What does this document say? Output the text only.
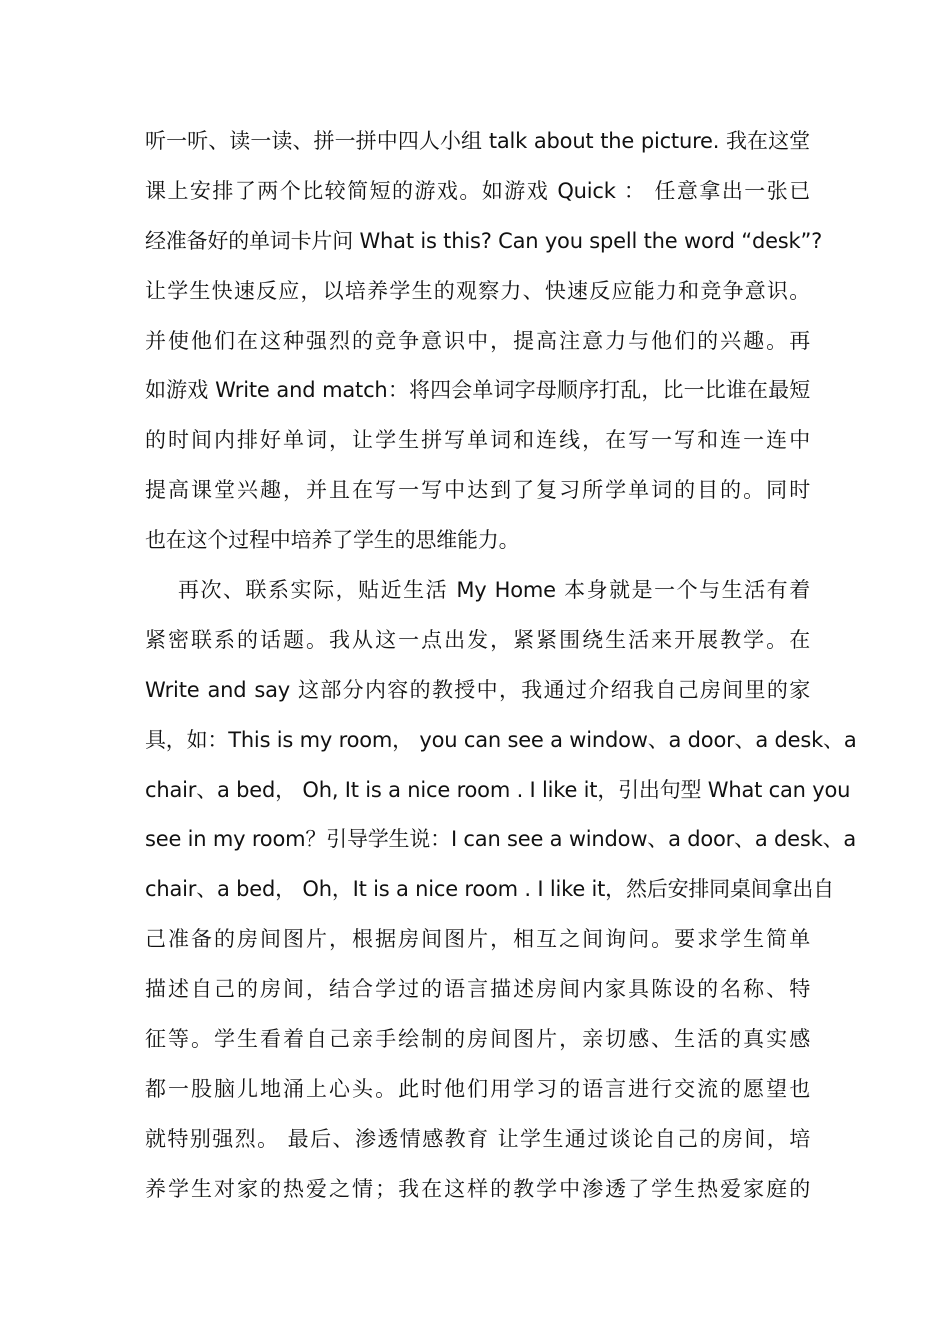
听一听、读一读、拼一拼中四人小组 talk about the picture. 我在这堂
课上安排了两个比较简短的游戏。如游戏 Quick ： 任意拿出一张已
经准备好的单词卡片问 What is this? Can you spell the word “desk”?
让学生快速反应，以培养学生的观察力、快速反应能力和竞争意识。
并使他们在这种强烈的竞争意识中，提高注意力与他们的兴趣。再
如游戏 Write and match：将四会单词字母顺序打乱，比一比谁在最短
的时间内排好单词，让学生拼写单词和连线，在写一写和连一连中
提高课堂兴趣，并且在写一写中达到了复习所学单词的目的。同时
也在这个过程中培养了学生的思维能力。
再次、联系实际，贴近生活 My Home 本身就是一个与生活有着
紧密联系的话题。我从这一点出发，紧紧围绕生活来开展教学。在
Write and say 这部分内容的教授中，我通过介绍我自己房间里的家
具，如：This is my room， you can see a window、a door、a desk、a
chair、a bed， Oh, It is a nice room . I like it，引出句型 What can you
see in my room？引导学生说：I can see a window、a door、a desk、a
chair、a bed， Oh，It is a nice room . I like it，然后安排同桌间拿出自
己准备的房间图片，根据房间图片，相互之间询问。要求学生简单
描述自己的房间，结合学过的语言描述房间内家具陈设的名称、特
征等。学生看着自己亲手绘制的房间图片，亲切感、生活的真实感
都一股脑儿地涌上心头。此时他们用学习的语言进行交流的愿望也
就特别强烈。 最后、渗透情感教育 让学生通过谈论自己的房间，培
养学生对家的热爱之情；我在这样的教学中渗透了学生热爱家庭的
